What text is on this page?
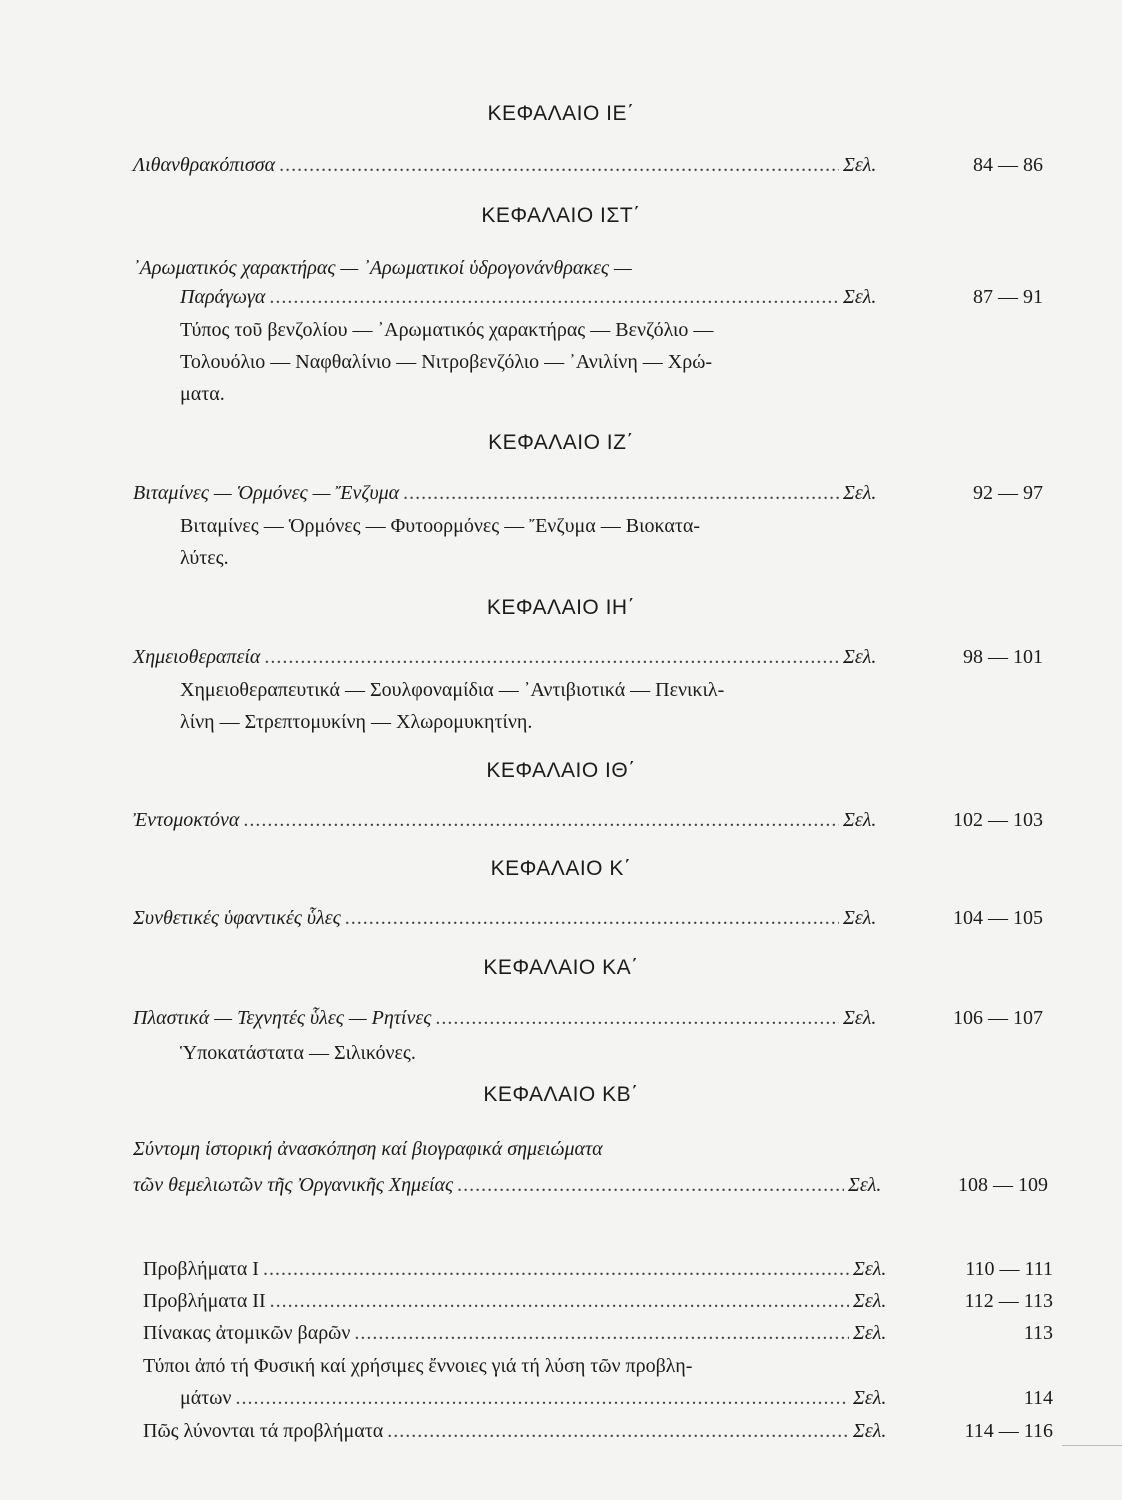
ΚΕΦΑΛΑΙΟ ΙΕ΄
Λιθανθρακόπισσα .....	Σελ.	84 — 86
ΚΕΦΑΛΑΙΟ ΙΣΤ΄
᾿Αρωματικός χαρακτήρας — ᾿Αρωματικοί ὑδρογονάνθρακες —
Παράγωγα .....	Σελ.	87 — 91
Τύπος τοῦ βενζολίου — ᾿Αρωματικός χαρακτήρας — Βενζόλιο —
Τολουόλιο — Ναφθαλίνιο — Νιτροβενζόλιο — ᾿Ανιλίνη — Χρώ-
ματα.
ΚΕΦΑΛΑΙΟ ΙΖ΄
Βιταμίνες — Ὁρμόνες — Ἔνζυμα .....	Σελ.	92 — 97
Βιταμίνες — Ὁρμόνες — Φυτοορμόνες — Ἔνζυμα — Βιοκατα-
λύτες.
ΚΕΦΑΛΑΙΟ ΙΗ΄
Χημειοθεραπεία .....	Σελ.	98 — 101
Χημειοθεραπευτικά — Σουλφοναμίδια — ᾿Αντιβιοτικά — Πενικιλ-
λίνη — Στρεπτομυκίνη — Χλωρομυκητίνη.
ΚΕΦΑΛΑΙΟ ΙΘ΄
Ἐντομοκτόνα .....	Σελ.	102 — 103
ΚΕΦΑΛΑΙΟ Κ΄
Συνθετικές ὑφαντικές ὗλες .....	Σελ.	104 — 105
ΚΕΦΑΛΑΙΟ ΚΑ΄
Πλαστικά — Τεχνητές ὗλες — Ρητίνες .....	Σελ.	106 — 107
Ὑποκατάστατα — Σιλικόνες.
ΚΕΦΑΛΑΙΟ ΚΒ΄
Σύντομη ἱστορική ἀνασκόπηση καί βιογραφικά σημειώματα
τῶν θεμελιωτῶν τῆς Ὀργανικῆς Χημείας .....	Σελ.	108 — 109
Προβλήματα Ι .....	Σελ.	110 — 111
Προβλήματα ΙΙ .....	Σελ.	112 — 113
Πίνακας ἀτομικῶν βαρῶν .....	Σελ.	113
Τύποι ἀπό τή Φυσική καί χρήσιμες ἔννοιες γιά τή λύση τῶν προβλη-
μάτων .....	Σελ.	114
Πῶς λύνονται τά προβλήματα .....	Σελ.	114 — 116
